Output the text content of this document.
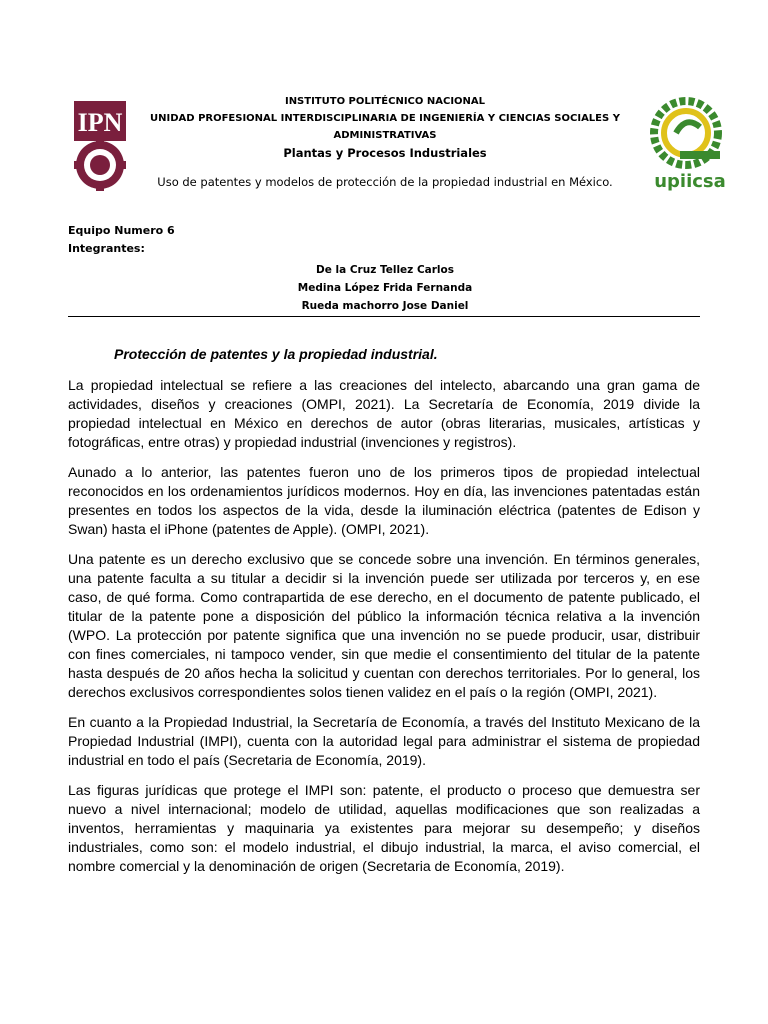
IPN
upiicsa
INSTITUTO POLITÉCNICO NACIONAL
UNIDAD PROFESIONAL INTERDISCIPLINARIA DE INGENIERÍA Y CIENCIAS SOCIALES Y
ADMINISTRATIVAS
Plantas y Procesos Industriales
Uso de patentes y modelos de protección de la propiedad industrial en México.
Equipo Numero 6
Integrantes:
De la Cruz Tellez Carlos
Medina López Frida Fernanda
Rueda machorro Jose Daniel
Protección de patentes y la propiedad industrial.

La propiedad intelectual se refiere a las creaciones del intelecto, abarcando una gran gama de actividades, diseños y creaciones (OMPI, 2021). La Secretaría de Economía, 2019 divide la propiedad intelectual en México en derechos de autor (obras literarias, musicales, artísticas y fotográficas, entre otras) y propiedad industrial (invenciones y registros).

Aunado a lo anterior, las patentes fueron uno de los primeros tipos de propiedad intelectual reconocidos en los ordenamientos jurídicos modernos. Hoy en día, las invenciones patentadas están presentes en todos los aspectos de la vida, desde la iluminación eléctrica (patentes de Edison y Swan) hasta el iPhone (patentes de Apple). (OMPI, 2021).

Una patente es un derecho exclusivo que se concede sobre una invención. En términos generales, una patente faculta a su titular a decidir si la invención puede ser utilizada por terceros y, en ese caso, de qué forma. Como contrapartida de ese derecho, en el documento de patente publicado, el titular de la patente pone a disposición del público la información técnica relativa a la invención (WPO. La protección por patente significa que una invención no se puede producir, usar, distribuir con fines comerciales, ni tampoco vender, sin que medie el consentimiento del titular de la patente hasta después de 20 años hecha la solicitud y cuentan con derechos territoriales. Por lo general, los derechos exclusivos correspondientes solos tienen validez en el país o la región (OMPI, 2021).

En cuanto a la Propiedad Industrial, la Secretaría de Economía, a través del Instituto Mexicano de la Propiedad Industrial (IMPI), cuenta con la autoridad legal para administrar el sistema de propiedad industrial en todo el país (Secretaria de Economía, 2019).

Las figuras jurídicas que protege el IMPI son: patente, el producto o proceso que demuestra ser nuevo a nivel internacional; modelo de utilidad, aquellas modificaciones que son realizadas a inventos, herramientas y maquinaria ya existentes para mejorar su desempeño; y diseños industriales, como son: el modelo industrial, el dibujo industrial, la marca, el aviso comercial, el nombre comercial y la denominación de origen (Secretaria de Economía, 2019).
